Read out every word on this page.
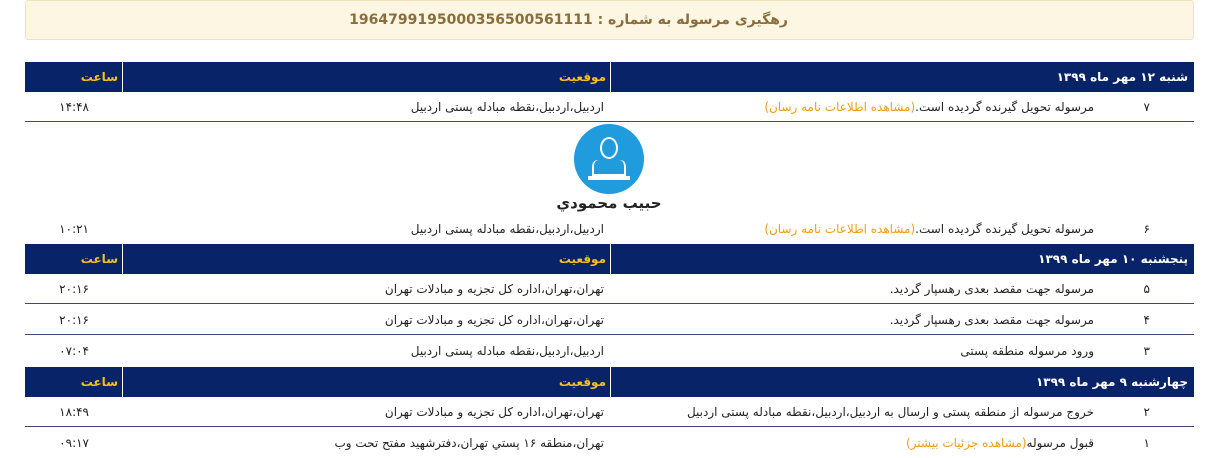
رهگیری مرسوله به شماره : 1964799195000356500561111
شنبه ۱۲ مهر ماه ۱۳۹۹
موقعیت
ساعت
۷
مرسوله تحویل گیرنده گردیده است.(مشاهده اطلاعات نامه رسان)
اردبیل،اردبیل،نقطه مبادله پستی اردبیل
۱۴:۴۸
حبيب محمودي
۶
مرسوله تحویل گیرنده گردیده است.(مشاهده اطلاعات نامه رسان)
اردبیل،اردبیل،نقطه مبادله پستی اردبیل
۱۰:۲۱
پنجشنبه ۱۰ مهر ماه ۱۳۹۹
موقعیت
ساعت
۵
مرسوله جهت مقصد بعدی رهسپار گردید.
تهران،تهران،اداره کل تجزیه و مبادلات تهران
۲۰:۱۶
۴
مرسوله جهت مقصد بعدی رهسپار گردید.
تهران،تهران،اداره کل تجزیه و مبادلات تهران
۲۰:۱۶
۳
ورود مرسوله منطقه پستی
اردبیل،اردبیل،نقطه مبادله پستی اردبیل
۰۷:۰۴
چهارشنبه ۹ مهر ماه ۱۳۹۹
موقعیت
ساعت
۲
خروج مرسوله از منطقه پستی و ارسال به اردبیل،اردبیل،نقطه مبادله پستی اردبیل
تهران،تهران،اداره کل تجزیه و مبادلات تهران
۱۸:۴۹
۱
قبول مرسوله(مشاهده جزئیات بیشتر)
تهران،منطقه ۱۶ پستي تهران،دفترشهيد مفتح تحت وب
۰۹:۱۷
